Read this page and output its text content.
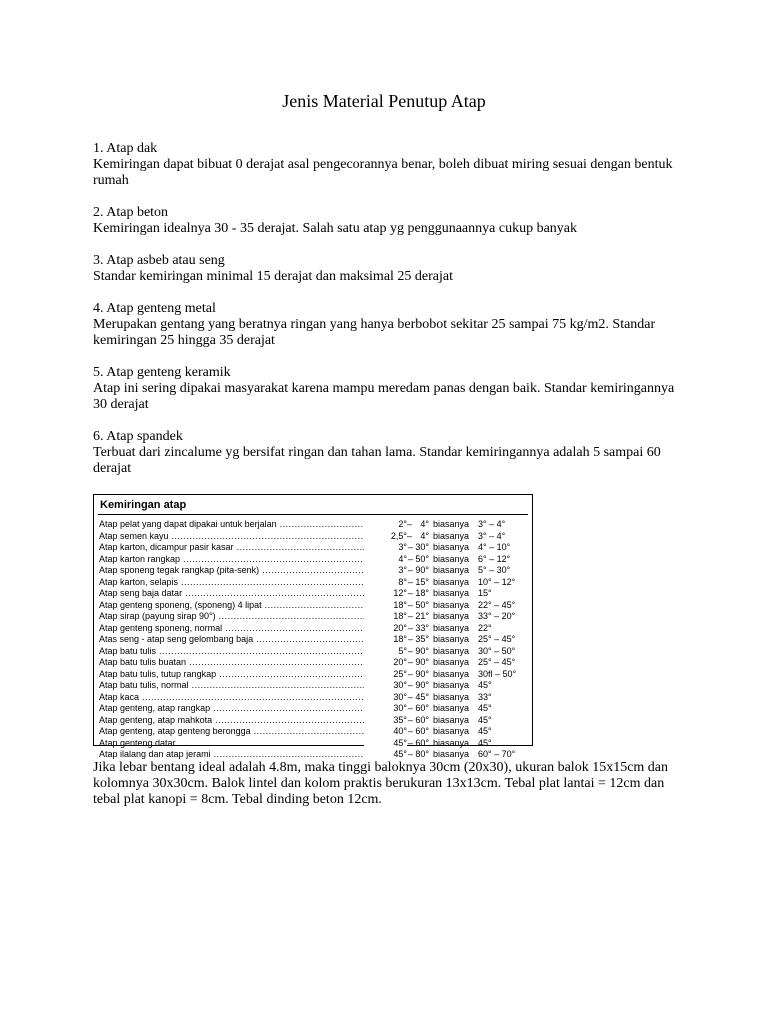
Jenis Material Penutup Atap

1. Atap dak

Kemiringan dapat bibuat 0 derajat asal pengecorannya benar, boleh dibuat miring sesuai dengan bentuk rumah

2. Atap beton

Kemiringan idealnya 30 - 35 derajat. Salah satu atap yg penggunaannya cukup banyak

3. Atap asbeb atau seng

Standar kemiringan minimal 15 derajat dan maksimal 25 derajat

4. Atap genteng metal

Merupakan gentang yang beratnya ringan yang hanya berbobot sekitar 25 sampai 75 kg/m2. Standar kemiringan 25 hingga 35 derajat

5. Atap genteng keramik

Atap ini sering dipakai masyarakat karena mampu meredam panas dengan baik. Standar kemiringannya 30 derajat

6. Atap spandek

Terbuat dari zincalume yg bersifat ringan dan tahan lama. Standar kemiringannya adalah 5 sampai 60 derajat

Kemiringan atap
Atap pelat yang dapat dipakai untuk berjalan .....	2° – 4° biasanya 3° – 4°
Atap semen kayu .....	2,5° – 4° biasanya 3° – 4°
Atap karton, dicampur pasir kasar .....	3° – 30° biasanya 4° – 10°
Atap karton rangkap .....	4° – 50° biasanya 6° – 12°
Atap sponeng tegak rangkap (pita-senk) .....	3° – 90° biasanya 5° – 30°
Atap karton, selapis .....	8° – 15° biasanya 10° – 12°
Atap seng baja datar .....	12° – 18° biasanya 15°
Atap genteng sponeng, (sponeng) 4 lipat .....	18° – 50° biasanya 22° – 45°
Atap sirap (payung sirap 90°) .....	18° – 21° biasanya 33° – 20°
Atap genteng sponeng, normal .....	20° – 33° biasanya 22°
Atas seng - atap seng gelombang baja .....	18° – 35° biasanya 25° – 45°
Atap batu tulis .....	5° – 90° biasanya 30° – 50°
Atap batu tulis buatan .....	20° – 90° biasanya 25° – 45°
Atap batu tulis, tutup rangkap .....	25° – 90° biasanya 30fl – 50°
Atap batu tulis, normal .....	30° – 90° biasanya 45°
Atap kaca .....	30° – 45° biasanya 33°
Atap genteng, atap rangkap .....	30° – 60° biasanya 45°
Atap genteng, atap mahkota .....	35° – 60° biasanya 45°
Atap genteng, atap genteng berongga .....	40° – 60° biasanya 45°
Atap genteng datar .....	45° – 60° biasanya 45°
Atap ilalang dan atap jerami .....	45° – 80° biasanya 60° – 70°

Jika lebar bentang ideal adalah 4.8m, maka tinggi baloknya 30cm (20x30), ukuran balok 15x15cm dan kolomnya 30x30cm. Balok lintel dan kolom praktis berukuran 13x13cm. Tebal plat lantai = 12cm dan tebal plat kanopi = 8cm. Tebal dinding beton 12cm.
